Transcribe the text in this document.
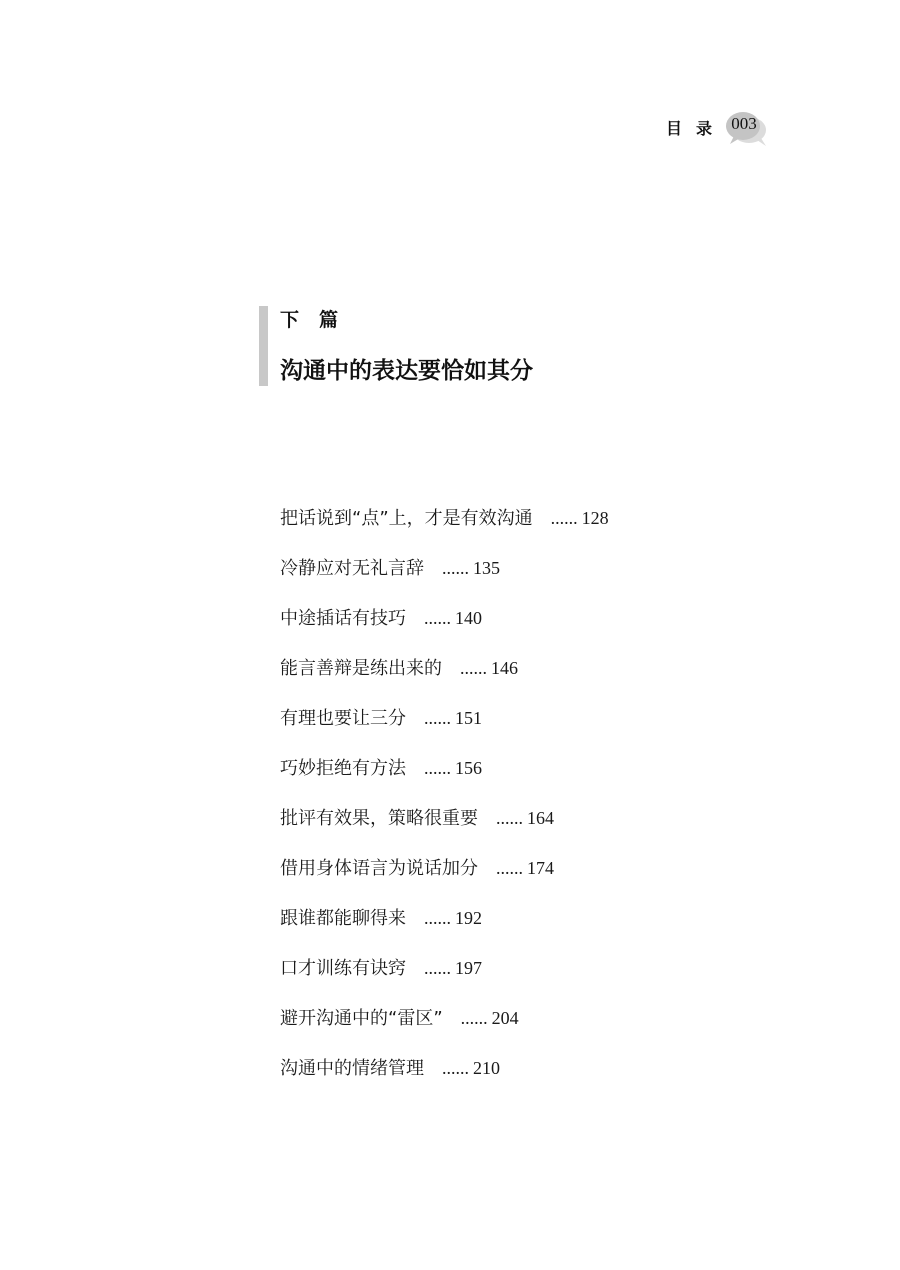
目录 003
下篇
沟通中的表达要恰如其分
把话说到“点”上，才是有效沟通 ...... 128
冷静应对无礼言辞 ...... 135
中途插话有技巧 ...... 140
能言善辩是练出来的 ...... 146
有理也要让三分 ...... 151
巧妙拒绝有方法 ...... 156
批评有效果，策略很重要 ...... 164
借用身体语言为说话加分 ...... 174
跟谁都能聊得来 ...... 192
口才训练有诀窍 ...... 197
避开沟通中的“雷区” ...... 204
沟通中的情绪管理 ...... 210
